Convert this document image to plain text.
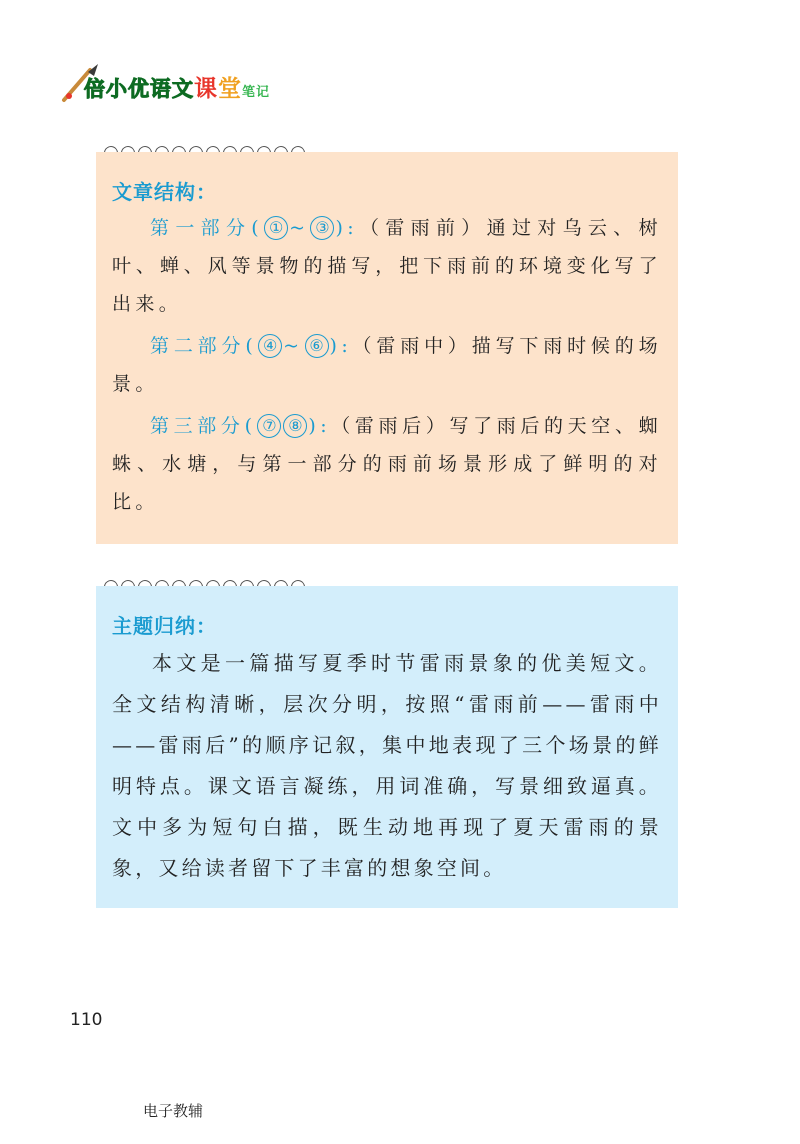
倍小优语文课堂笔记
文章结构：

第一部分( ① ~ ③ ):（雷雨前）通过对乌云、树叶、蝉、风等景物的描写，把下雨前的环境变化写了出来。

第二部分( ④ ~ ⑥ ):（雷雨中）描写下雨时候的场景。

第三部分( ⑦ ⑧ ):（雷雨后）写了雨后的天空、蜘蛛、水塘，与第一部分的雨前场景形成了鲜明的对比。

主题归纳：

本文是一篇描写夏季时节雷雨景象的优美短文。全文结构清晰，层次分明，按照“雷雨前——雷雨中——雷雨后”的顺序记叙，集中地表现了三个场景的鲜明特点。课文语言凝练，用词准确，写景细致逼真。文中多为短句白描，既生动地再现了夏天雷雨的景象，又给读者留下了丰富的想象空间。

110
电子教辅
